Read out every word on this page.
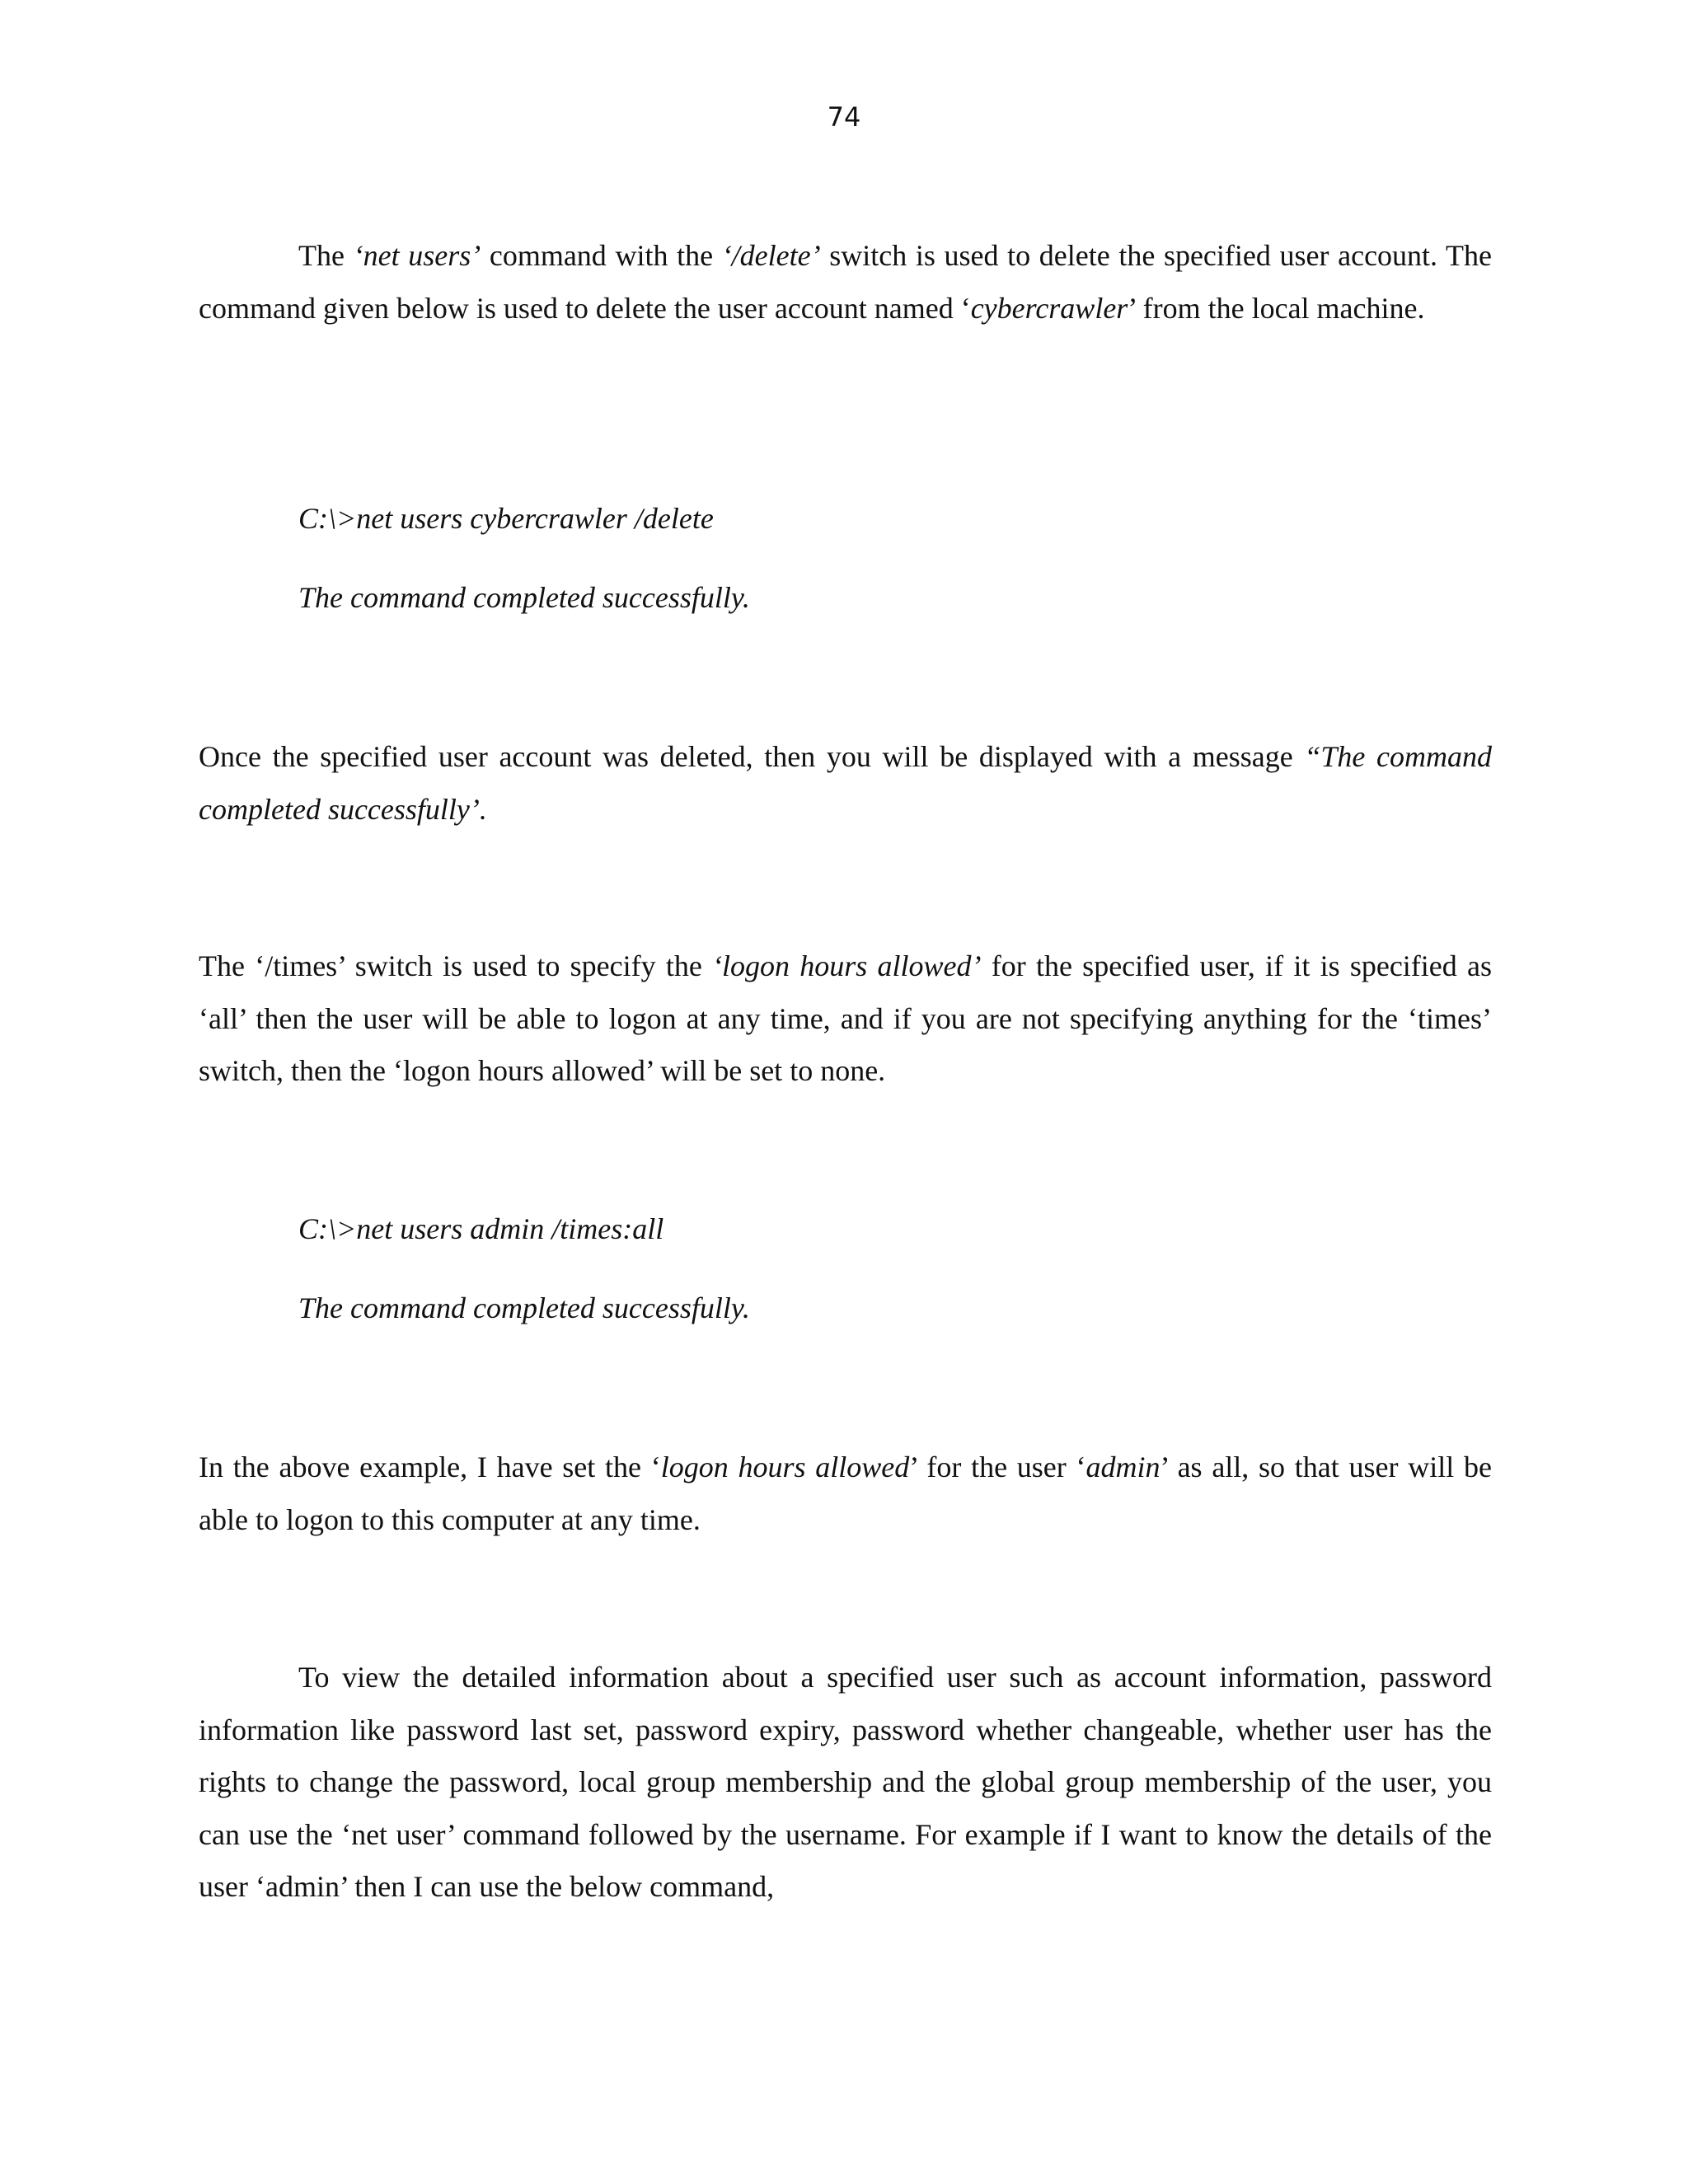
74

The ‘net users’ command with the ‘/delete’ switch is used to delete the specified user account. The command given below is used to delete the user account named ‘cybercrawler’ from the local machine.

C:\>net users cybercrawler /delete
The command completed successfully.

Once the specified user account was deleted, then you will be displayed with a message “The command completed successfully’.

The ‘/times’ switch is used to specify the ‘logon hours allowed’ for the specified user, if it is specified as ‘all’ then the user will be able to logon at any time, and if you are not specifying anything for the ‘times’ switch, then the ‘logon hours allowed’ will be set to none.

C:\>net users admin /times:all
The command completed successfully.

In the above example, I have set the ‘logon hours allowed’ for the user ‘admin’ as all, so that user will be able to logon to this computer at any time.

To view the detailed information about a specified user such as account information, password information like password last set, password expiry, password whether changeable, whether user has the rights to change the password, local group membership and the global group membership of the user, you can use the ‘net user’ command followed by the username. For example if I want to know the details of the user ‘admin’ then I can use the below command,
